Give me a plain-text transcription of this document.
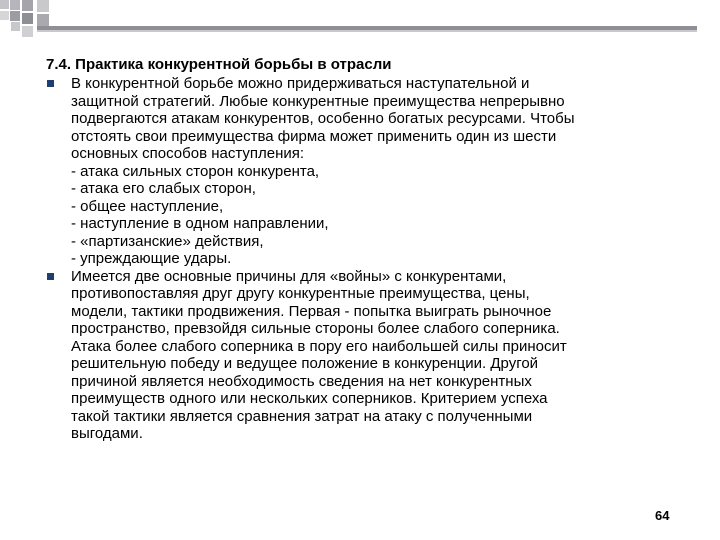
7.4. Практика конкурентной борьбы в отрасли
В конкурентной борьбе можно придерживаться наступательной и
защитной стратегий. Любые конкурентные преимущества непрерывно
подвергаются атакам конкурентов, особенно богатых ресурсами. Чтобы
отстоять свои преимущества фирма может применить один из шести
основных способов наступления:
- атака сильных сторон конкурента,
- атака его слабых сторон,
- общее наступление,
- наступление в одном направлении,
- «партизанские» действия,
- упреждающие удары.
Имеется две основные причины для «войны» с конкурентами,
противопоставляя друг другу конкурентные преимущества, цены,
модели, тактики продвижения. Первая - попытка выиграть рыночное
пространство, превзойдя сильные стороны более слабого соперника.
Атака более слабого соперника в пору его наибольшей силы приносит
решительную победу и ведущее положение в конкуренции. Другой
причиной является необходимость сведения на нет конкурентных
преимуществ одного или нескольких соперников. Критерием успеха
такой тактики является сравнения затрат на атаку с полученными
выгодами.
64
